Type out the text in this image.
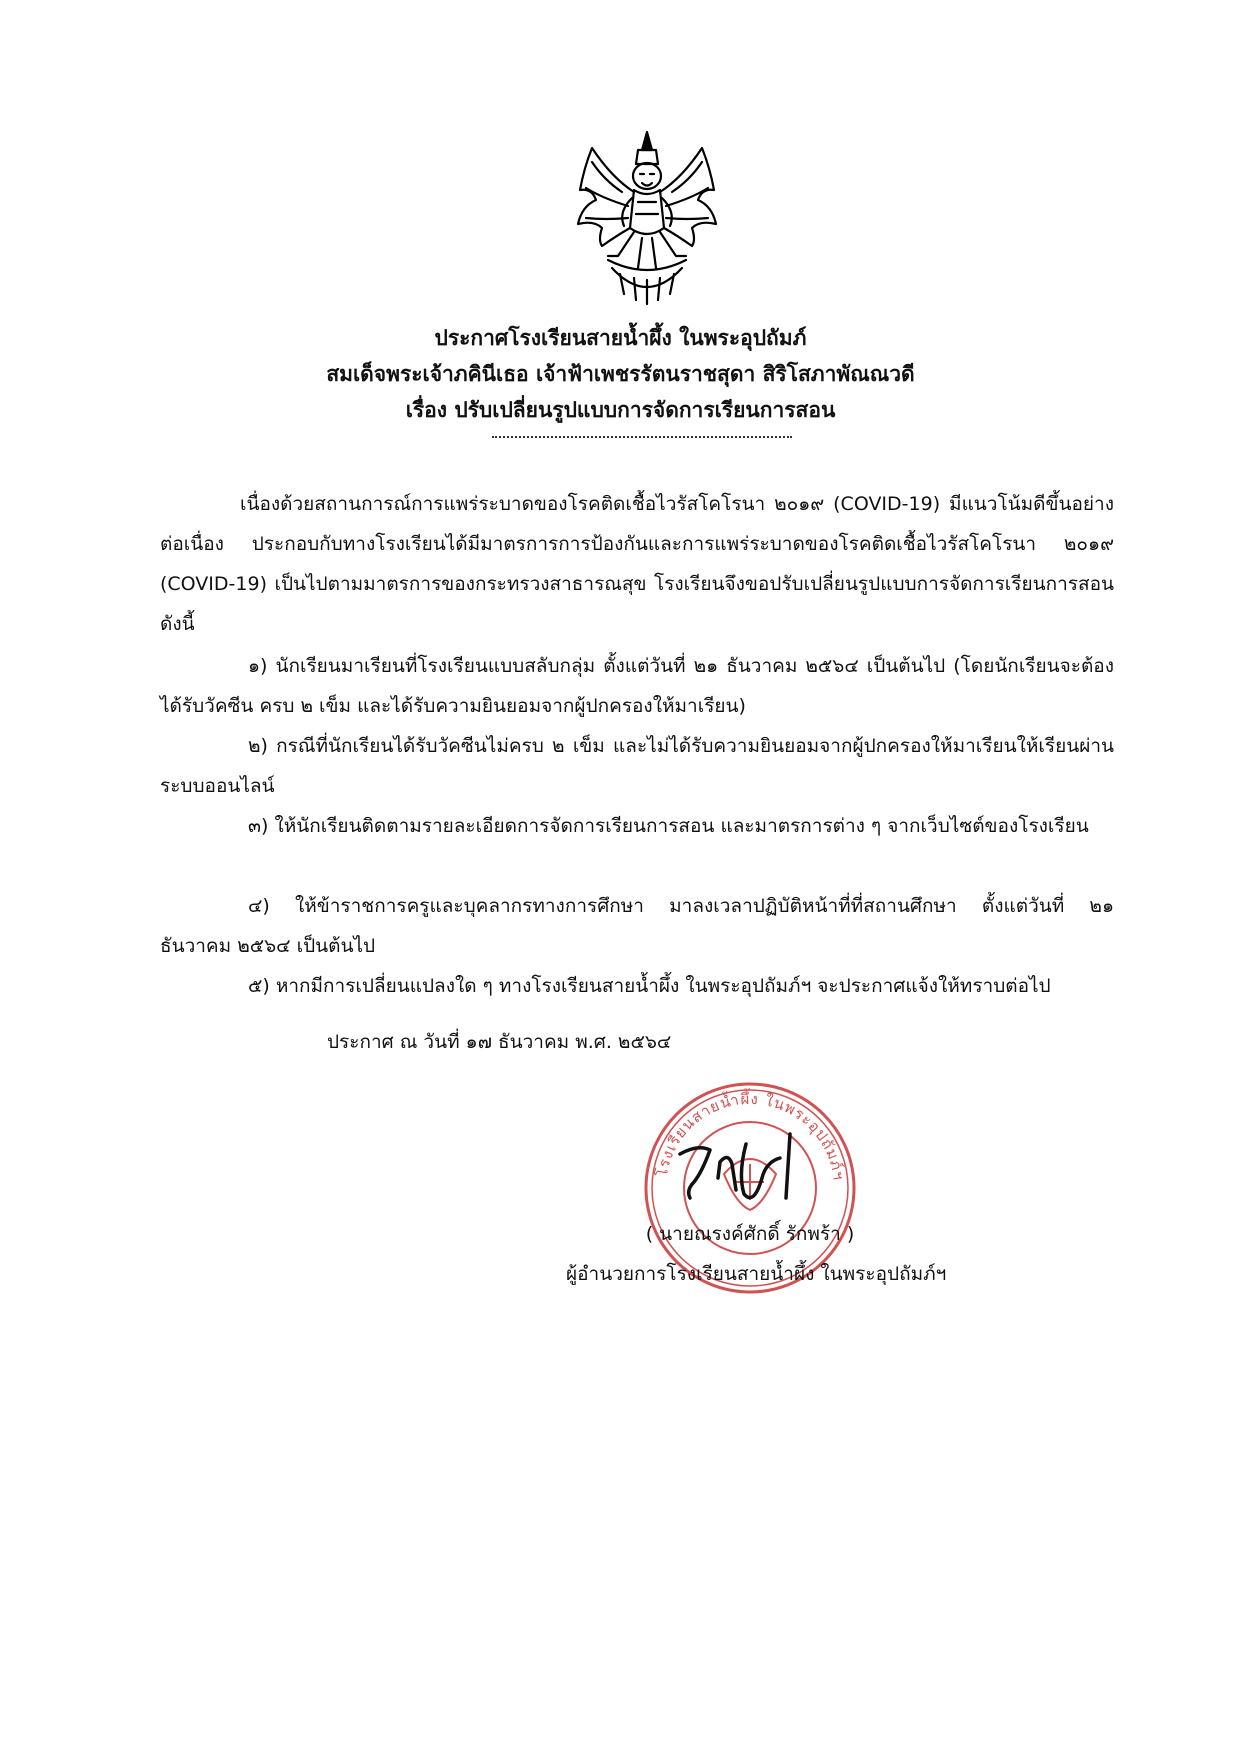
ประกาศโรงเรียนสายน้ำผึ้ง ในพระอุปถัมภ์
สมเด็จพระเจ้าภคินีเธอ เจ้าฟ้าเพชรรัตนราชสุดา สิริโสภาพัณณวดี
เรื่อง ปรับเปลี่ยนรูปแบบการจัดการเรียนการสอน
เนื่องด้วยสถานการณ์การแพร่ระบาดของโรคติดเชื้อไวรัสโคโรนา ๒๐๑๙ (COVID-19) มีแนวโน้มดีขึ้นอย่างต่อเนื่อง ประกอบกับทางโรงเรียนได้มีมาตรการการป้องกันและการแพร่ระบาดของโรคติดเชื้อไวรัสโคโรนา ๒๐๑๙ (COVID-19) เป็นไปตามมาตรการของกระทรวงสาธารณสุข โรงเรียนจึงขอปรับเปลี่ยนรูปแบบการจัดการเรียนการสอน ดังนี้
๑) นักเรียนมาเรียนที่โรงเรียนแบบสลับกลุ่ม ตั้งแต่วันที่ ๒๑ ธันวาคม ๒๕๖๔ เป็นต้นไป (โดยนักเรียนจะต้องได้รับวัคซีน ครบ ๒ เข็ม และได้รับความยินยอมจากผู้ปกครองให้มาเรียน)
๒) กรณีที่นักเรียนได้รับวัคซีนไม่ครบ ๒ เข็ม และไม่ได้รับความยินยอมจากผู้ปกครองให้มาเรียนให้เรียนผ่านระบบออนไลน์
๓) ให้นักเรียนติดตามรายละเอียดการจัดการเรียนการสอน และมาตรการต่าง ๆ จากเว็บไซต์ของโรงเรียน
๔) ให้ข้าราชการครูและบุคลากรทางการศึกษา มาลงเวลาปฏิบัติหน้าที่ที่สถานศึกษา ตั้งแต่วันที่ ๒๑ ธันวาคม ๒๕๖๔ เป็นต้นไป
๕) หากมีการเปลี่ยนแปลงใด ๆ ทางโรงเรียนสายน้ำผึ้ง ในพระอุปถัมภ์ฯ จะประกาศแจ้งให้ทราบต่อไป
ประกาศ ณ วันที่ ๑๗ ธันวาคม พ.ศ. ๒๕๖๔
โรงเรียนสายน้ำผึ้ง ในพระอุปถัมภ์ฯ
( นายณรงค์ศักดิ์ รักพร้า )
ผู้อำนวยการโรงเรียนสายน้ำผึ้ง ในพระอุปถัมภ์ฯ
